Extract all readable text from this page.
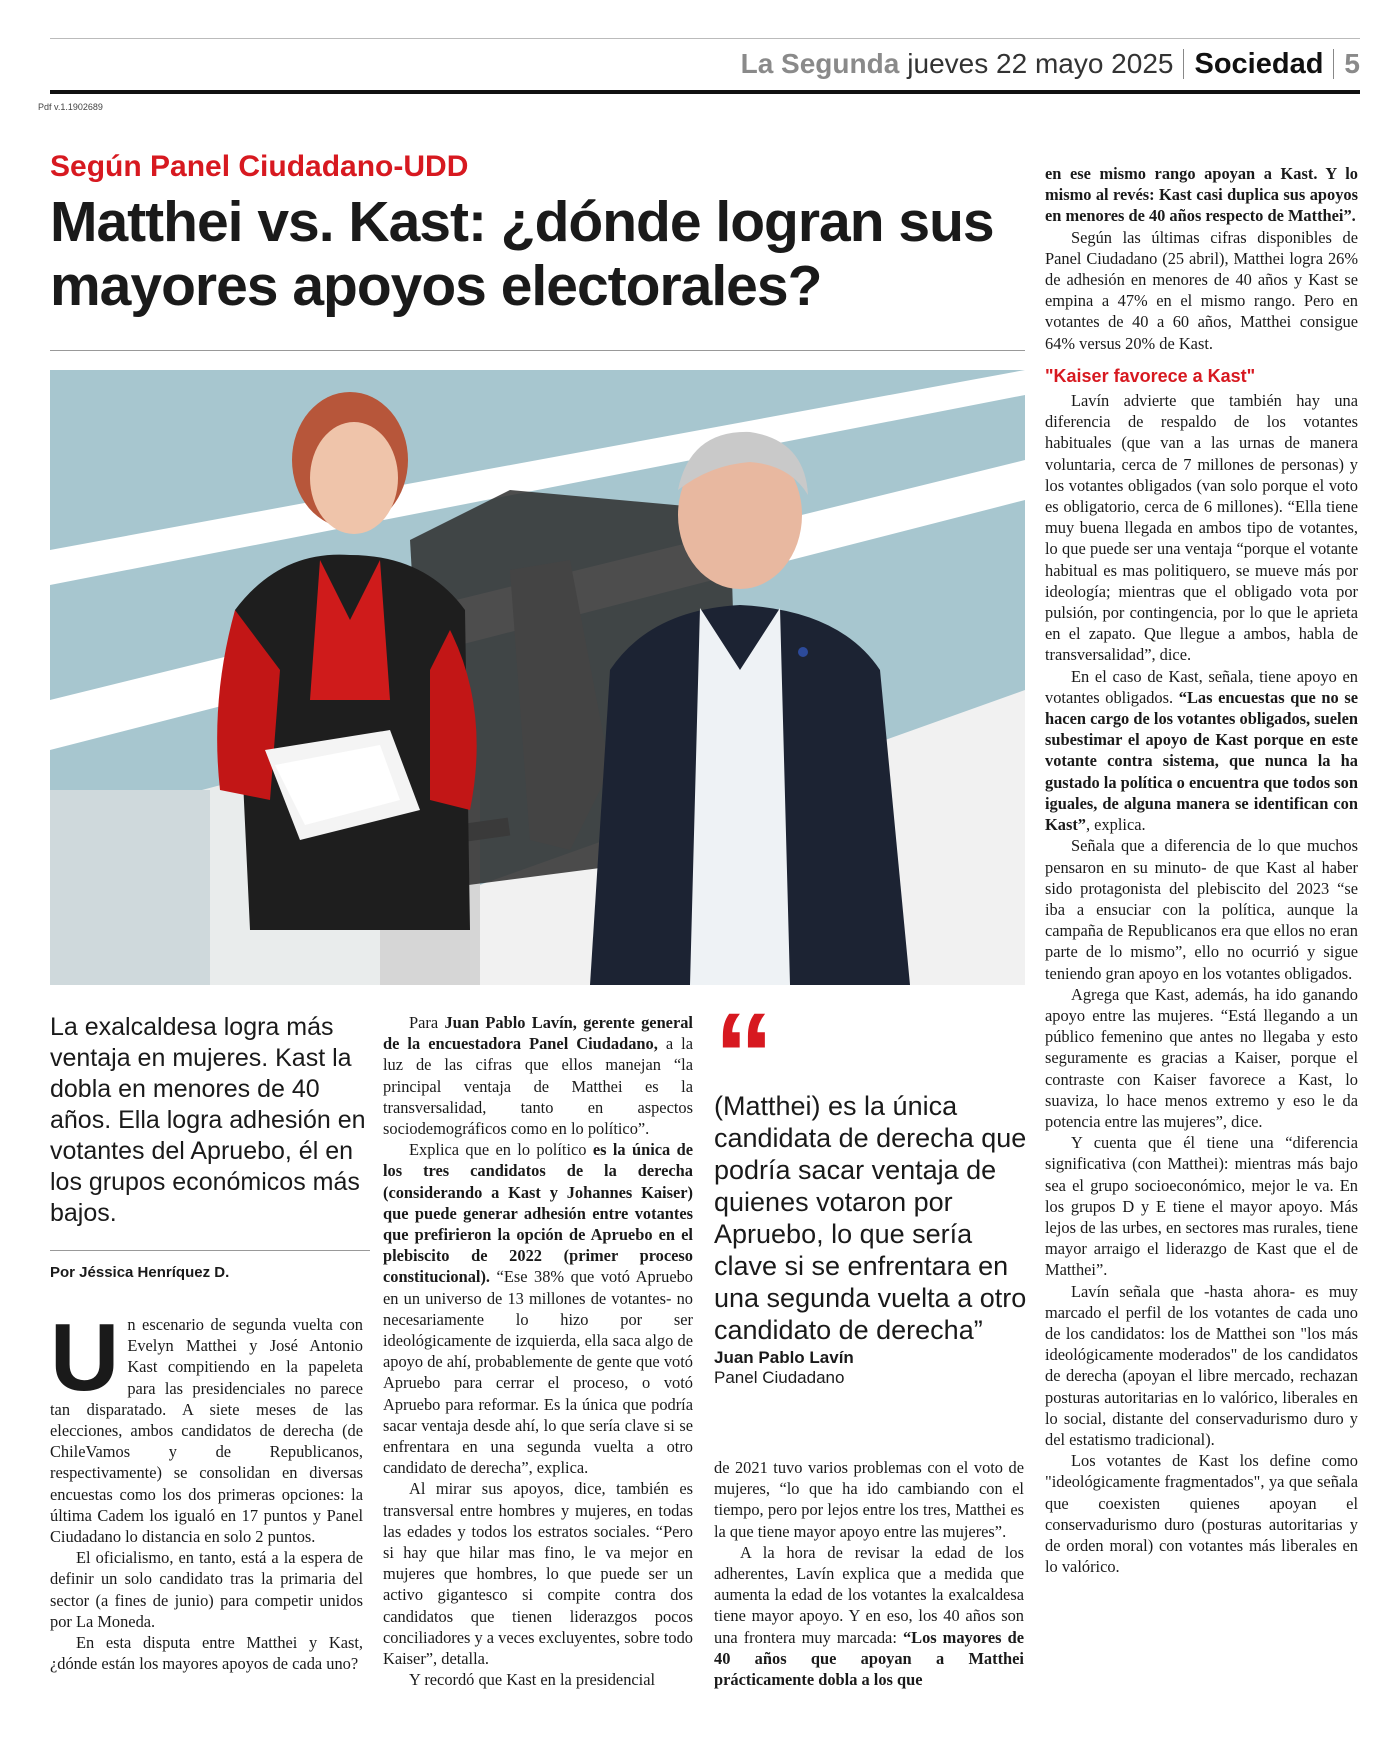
La Segunda jueves 22 mayo 2025 Sociedad 5
Pdf v.1.1902689
Según Panel Ciudadano-UDD
Matthei vs. Kast: ¿dónde logran sus mayores apoyos electorales?
La exalcaldesa logra más ventaja en mujeres. Kast la dobla en menores de 40 años. Ella logra adhesión en votantes del Apruebo, él en los grupos económicos más bajos.
Por Jéssica Henríquez D.
U n escenario de segunda vuelta con Evelyn Matthei y José Antonio Kast compitiendo en la papeleta para las presidenciales no parece tan disparatado. A siete meses de las elecciones, ambos candidatos de derecha (de ChileVamos y de Republicanos, respectivamente) se consolidan en diversas encuestas como los dos primeras opciones: la última Cadem los igualó en 17 puntos y Panel Ciudadano lo distancia en solo 2 puntos.

El oficialismo, en tanto, está a la espera de definir un solo candidato tras la primaria del sector (a fines de junio) para competir unidos por La Moneda.

En esta disputa entre Matthei y Kast, ¿dónde están los mayores apoyos de cada uno?

Para Juan Pablo Lavín, gerente general de la encuestadora Panel Ciudadano, a la luz de las cifras que ellos manejan “la principal ventaja de Matthei es la transversalidad, tanto en aspectos sociodemográficos como en lo político”.

Explica que en lo político es la única de los tres candidatos de la derecha (considerando a Kast y Johannes Kaiser) que puede generar adhesión entre votantes que prefirieron la opción de Apruebo en el plebiscito de 2022 (primer proceso constitucional). “Ese 38% que votó Apruebo en un universo de 13 millones de votantes- no necesariamente lo hizo por ser ideológicamente de izquierda, ella saca algo de apoyo de ahí, probablemente de gente que votó Apruebo para cerrar el proceso, o votó Apruebo para reformar. Es la única que podría sacar ventaja desde ahí, lo que sería clave si se enfrentara en una segunda vuelta a otro candidato de derecha”, explica.

Al mirar sus apoyos, dice, también es transversal entre hombres y mujeres, en todas las edades y todos los estratos sociales. “Pero si hay que hilar mas fino, le va mejor en mujeres que hombres, lo que puede ser un activo gigantesco si compite contra dos candidatos que tienen liderazgos pocos conciliadores y a veces excluyentes, sobre todo Kaiser”, detalla.

Y recordó que Kast en la presidencial

“
(Matthei) es la única candidata de derecha que podría sacar ventaja de quienes votaron por Apruebo, lo que sería clave si se enfrentara en una segunda vuelta a otro candidato de derecha”
Juan Pablo Lavín
Panel Ciudadano

de 2021 tuvo varios problemas con el voto de mujeres, “lo que ha ido cambiando con el tiempo, pero por lejos entre los tres, Matthei es la que tiene mayor apoyo entre las mujeres”.

A la hora de revisar la edad de los adherentes, Lavín explica que a medida que aumenta la edad de los votantes la exalcaldesa tiene mayor apoyo. Y en eso, los 40 años son una frontera muy marcada: “Los mayores de 40 años que apoyan a Matthei prácticamente dobla a los que

en ese mismo rango apoyan a Kast. Y lo mismo al revés: Kast casi duplica sus apoyos en menores de 40 años respecto de Matthei”.

Según las últimas cifras disponibles de Panel Ciudadano (25 abril), Matthei logra 26% de adhesión en menores de 40 años y Kast se empina a 47% en el mismo rango. Pero en votantes de 40 a 60 años, Matthei consigue 64% versus 20% de Kast.

"Kaiser favorece a Kast"

Lavín advierte que también hay una diferencia de respaldo de los votantes habituales (que van a las urnas de manera voluntaria, cerca de 7 millones de personas) y los votantes obligados (van solo porque el voto es obligatorio, cerca de 6 millones). “Ella tiene muy buena llegada en ambos tipo de votantes, lo que puede ser una ventaja “porque el votante habitual es mas politiquero, se mueve más por ideología; mientras que el obligado vota por pulsión, por contingencia, por lo que le aprieta en el zapato. Que llegue a ambos, habla de transversalidad”, dice.

En el caso de Kast, señala, tiene apoyo en votantes obligados. “Las encuestas que no se hacen cargo de los votantes obligados, suelen subestimar el apoyo de Kast porque en este votante contra sistema, que nunca la ha gustado la política o encuentra que todos son iguales, de alguna manera se identifican con Kast”, explica.

Señala que a diferencia de lo que muchos pensaron en su minuto- de que Kast al haber sido protagonista del plebiscito del 2023 “se iba a ensuciar con la política, aunque la campaña de Republicanos era que ellos no eran parte de lo mismo”, ello no ocurrió y sigue teniendo gran apoyo en los votantes obligados.

Agrega que Kast, además, ha ido ganando apoyo entre las mujeres. “Está llegando a un público femenino que antes no llegaba y esto seguramente es gracias a Kaiser, porque el contraste con Kaiser favorece a Kast, lo suaviza, lo hace menos extremo y eso le da potencia entre las mujeres”, dice.

Y cuenta que él tiene una “diferencia significativa (con Matthei): mientras más bajo sea el grupo socioeconómico, mejor le va. En los grupos D y E tiene el mayor apoyo. Más lejos de las urbes, en sectores mas rurales, tiene mayor arraigo el liderazgo de Kast que el de Matthei”.

Lavín señala que -hasta ahora- es muy marcado el perfil de los votantes de cada uno de los candidatos: los de Matthei son "los más ideológicamente moderados" de los candidatos de derecha (apoyan el libre mercado, rechazan posturas autoritarias en lo valórico, liberales en lo social, distante del conservadurismo duro y del estatismo tradicional).

Los votantes de Kast los define como "ideológicamente fragmentados", ya que señala que coexisten quienes apoyan el conservadurismo duro (posturas autoritarias y de orden moral) con votantes más liberales en lo valórico.
